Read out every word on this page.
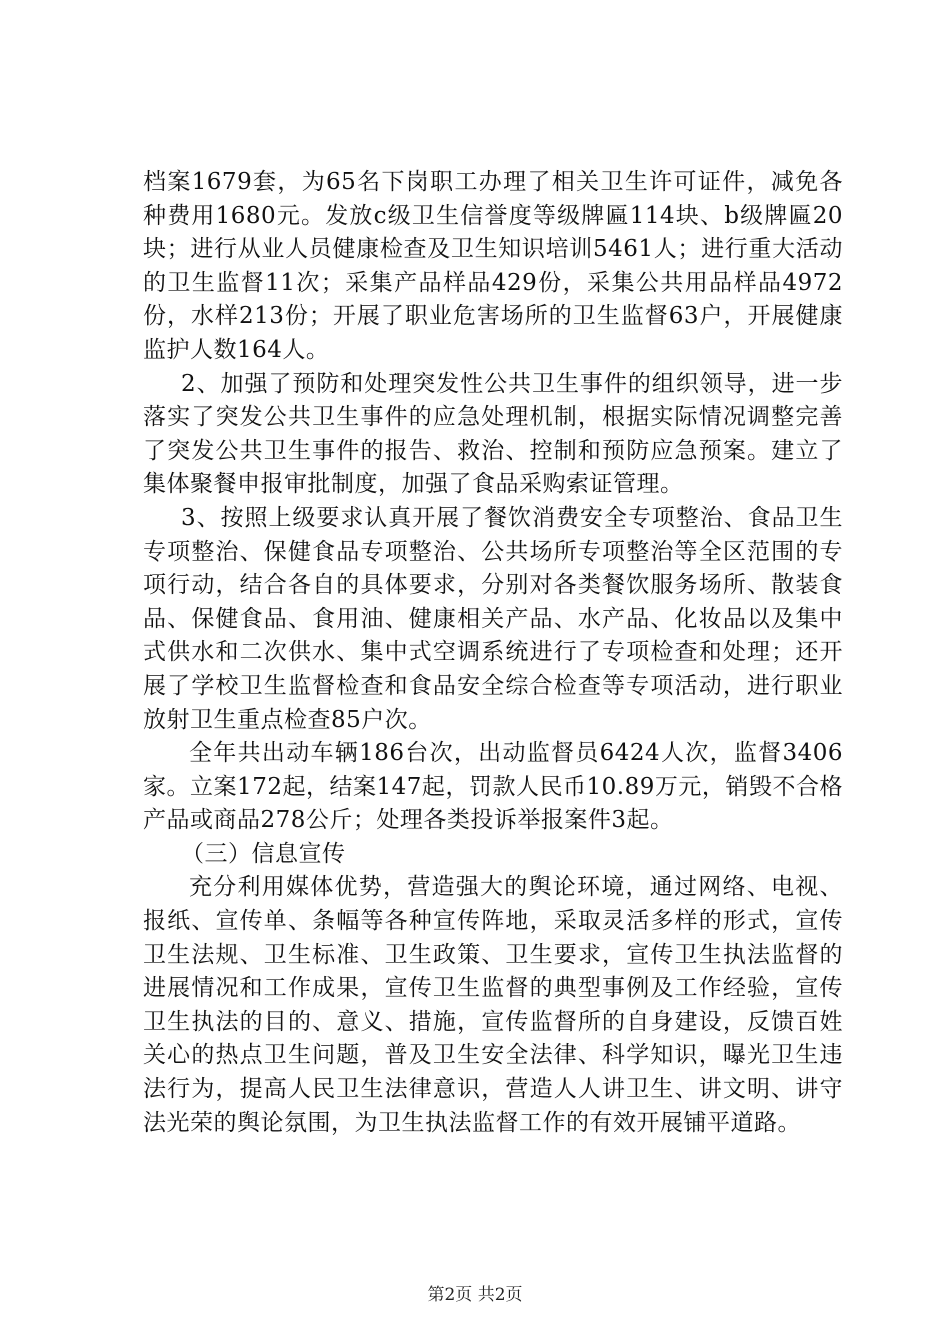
档案1679套，为65名下岗职工办理了相关卫生许可证件，减免各种费用1680元。发放c级卫生信誉度等级牌匾114块、b级牌匾20块；进行从业人员健康检查及卫生知识培训5461人；进行重大活动的卫生监督11次；采集产品样品429份，采集公共用品样品4972份，水样213份；开展了职业危害场所的卫生监督63户，开展健康监护人数164人。

2、加强了预防和处理突发性公共卫生事件的组织领导，进一步落实了突发公共卫生事件的应急处理机制，根据实际情况调整完善了突发公共卫生事件的报告、救治、控制和预防应急预案。建立了集体聚餐申报审批制度，加强了食品采购索证管理。

3、按照上级要求认真开展了餐饮消费安全专项整治、食品卫生专项整治、保健食品专项整治、公共场所专项整治等全区范围的专项行动，结合各自的具体要求，分别对各类餐饮服务场所、散装食品、保健食品、食用油、健康相关产品、水产品、化妆品以及集中式供水和二次供水、集中式空调系统进行了专项检查和处理；还开展了学校卫生监督检查和食品安全综合检查等专项活动，进行职业放射卫生重点检查85户次。

全年共出动车辆186台次，出动监督员6424人次，监督3406家。立案172起，结案147起，罚款人民币10.89万元，销毁不合格产品或商品278公斤；处理各类投诉举报案件3起。

（三）信息宣传

充分利用媒体优势，营造强大的舆论环境，通过网络、电视、报纸、宣传单、条幅等各种宣传阵地，采取灵活多样的形式，宣传卫生法规、卫生标准、卫生政策、卫生要求，宣传卫生执法监督的进展情况和工作成果，宣传卫生监督的典型事例及工作经验，宣传卫生执法的目的、意义、措施，宣传监督所的自身建设，反馈百姓关心的热点卫生问题，普及卫生安全法律、科学知识，曝光卫生违法行为，提高人民卫生法律意识，营造人人讲卫生、讲文明、讲守法光荣的舆论氛围，为卫生执法监督工作的有效开展铺平道路。

第2页 共2页
